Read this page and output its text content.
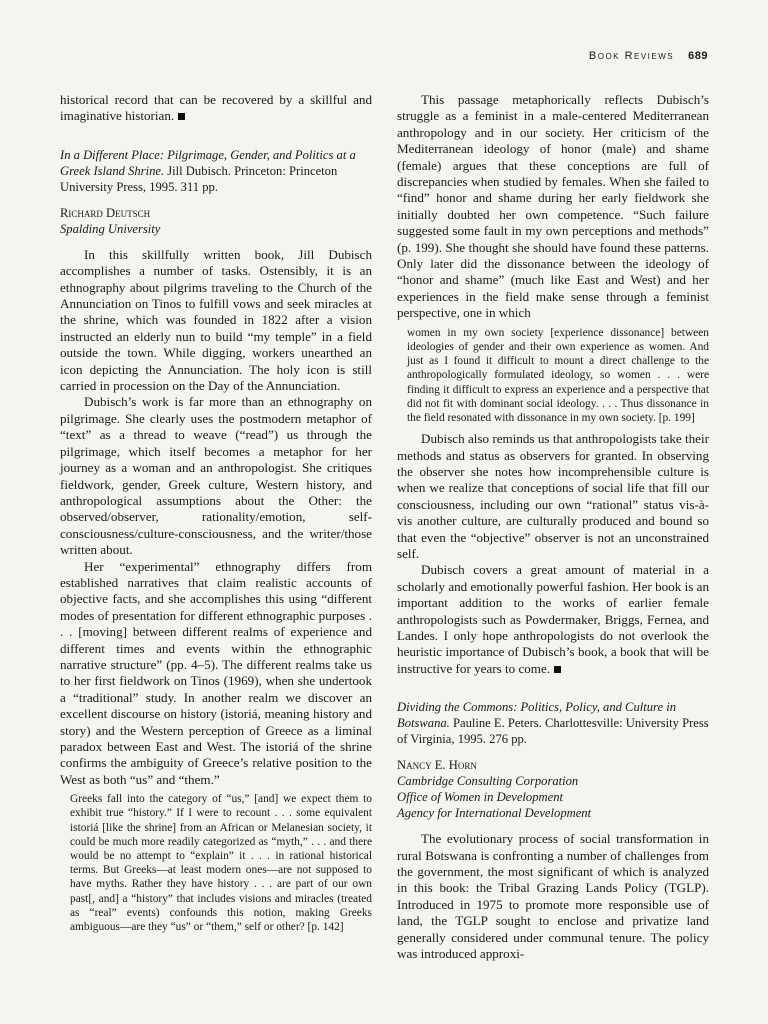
Book Reviews 689

historical record that can be recovered by a skillful and imaginative historian.

In a Different Place: Pilgrimage, Gender, and Politics at a Greek Island Shrine. Jill Dubisch. Princeton: Princeton University Press, 1995. 311 pp.

Richard Deutsch
Spalding University

In this skillfully written book, Jill Dubisch accomplishes a number of tasks. Ostensibly, it is an ethnography about pilgrims traveling to the Church of the Annunciation on Tinos to fulfill vows and seek miracles at the shrine, which was founded in 1822 after a vision instructed an elderly nun to build “my temple” in a field outside the town. While digging, workers unearthed an icon depicting the Annunciation. The holy icon is still carried in procession on the Day of the Annunciation.

Dubisch’s work is far more than an ethnography on pilgrimage. She clearly uses the postmodern metaphor of “text” as a thread to weave (“read”) us through the pilgrimage, which itself becomes a metaphor for her journey as a woman and an anthropologist. She critiques fieldwork, gender, Greek culture, Western history, and anthropological assumptions about the Other: the observed/observer, rationality/emotion, self-consciousness/culture-consciousness, and the writer/those written about.

Her “experimental” ethnography differs from established narratives that claim realistic accounts of objective facts, and she accomplishes this using “different modes of presentation for different ethnographic purposes . . . [moving] between different realms of experience and different times and events within the ethnographic narrative structure” (pp. 4–5). The different realms take us to her first fieldwork on Tinos (1969), when she undertook a “traditional” study. In another realm we discover an excellent discourse on history (istoriá, meaning history and story) and the Western perception of Greece as a liminal paradox between East and West. The istoriá of the shrine confirms the ambiguity of Greece’s relative position to the West as both “us” and “them.”

Greeks fall into the category of “us,” [and] we expect them to exhibit true “history.” If I were to recount . . . some equivalent istoriá [like the shrine] from an African or Melanesian society, it could be much more readily categorized as “myth,” . . . and there would be no attempt to “explain” it . . . in rational historical terms. But Greeks—at least modern ones—are not supposed to have myths. Rather they have history . . . are part of our own past[, and] a “history” that includes visions and miracles (treated as “real” events) confounds this notion, making Greeks ambiguous—are they “us” or “them,” self or other? [p. 142]

This passage metaphorically reflects Dubisch’s struggle as a feminist in a male-centered Mediterranean anthropology and in our society. Her criticism of the Mediterranean ideology of honor (male) and shame (female) argues that these conceptions are full of discrepancies when studied by females. When she failed to “find” honor and shame during her early fieldwork she initially doubted her own competence. “Such failure suggested some fault in my own perceptions and methods” (p. 199). She thought she should have found these patterns. Only later did the dissonance between the ideology of “honor and shame” (much like East and West) and her experiences in the field make sense through a feminist perspective, one in which

women in my own society [experience dissonance] between ideologies of gender and their own experience as women. And just as I found it difficult to mount a direct challenge to the anthropologically formulated ideology, so women . . . were finding it difficult to express an experience and a perspective that did not fit with dominant social ideology. . . . Thus dissonance in the field resonated with dissonance in my own society. [p. 199]

Dubisch also reminds us that anthropologists take their methods and status as observers for granted. In observing the observer she notes how incomprehensible culture is when we realize that conceptions of social life that fill our consciousness, including our own “rational” status vis-à-vis another culture, are culturally produced and bound so that even the “objective” observer is not an unconstrained self.

Dubisch covers a great amount of material in a scholarly and emotionally powerful fashion. Her book is an important addition to the works of earlier female anthropologists such as Powdermaker, Briggs, Fernea, and Landes. I only hope anthropologists do not overlook the heuristic importance of Dubisch’s book, a book that will be instructive for years to come.

Dividing the Commons: Politics, Policy, and Culture in Botswana. Pauline E. Peters. Charlottesville: University Press of Virginia, 1995. 276 pp.

Nancy E. Horn
Cambridge Consulting Corporation
Office of Women in Development
Agency for International Development

The evolutionary process of social transformation in rural Botswana is confronting a number of challenges from the government, the most significant of which is analyzed in this book: the Tribal Grazing Lands Policy (TGLP). Introduced in 1975 to promote more responsible use of land, the TGLP sought to enclose and privatize land generally considered under communal tenure. The policy was introduced approxi-
